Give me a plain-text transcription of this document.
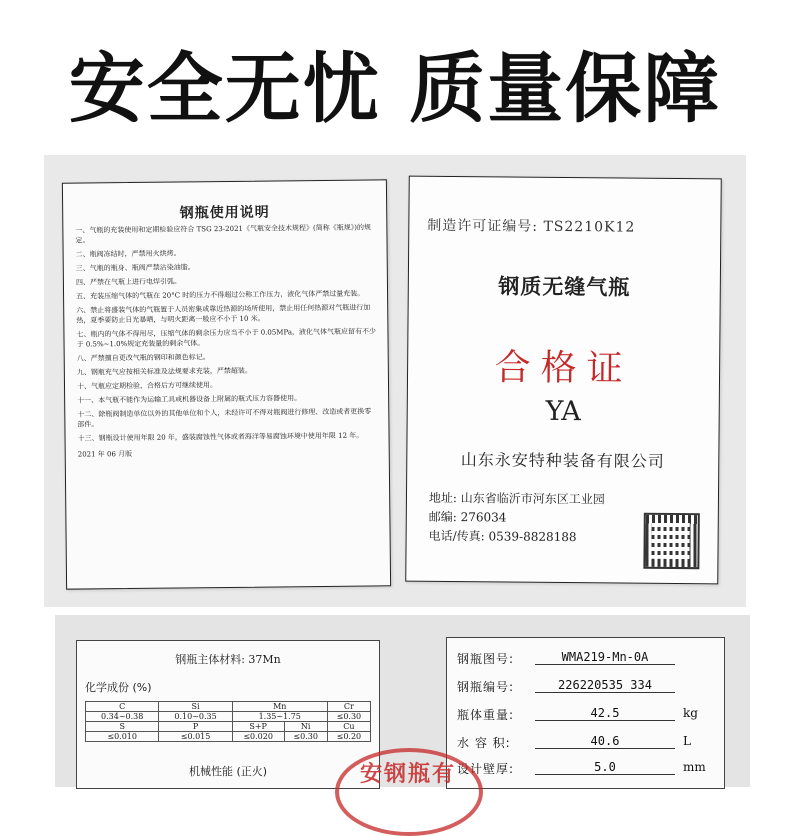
安全无忧 质量保障
钢瓶使用说明
一、气瓶的充装使用和定期检验应符合 TSG 23-2021《气瓶安全技术规程》(简称《瓶规》)的规定。
二、瓶阀冻结时，严禁用火烘烤。
三、气瓶的瓶身、瓶阀严禁沾染油脂。
四、严禁在气瓶上进行电焊引弧。
五、充装压缩气体的气瓶在 20°C 时的压力不得超过公称工作压力，液化气体严禁过量充装。
六、禁止将盛装气体的气瓶置于人员密集或靠近热源的场所使用，禁止用任何热源对气瓶进行加热，夏季要防止日光暴晒，与明火距离一般应不小于 10 米。
七、瓶内的气体不得用尽，压缩气体的剩余压力应当不小于 0.05MPa，液化气体气瓶应留有不少于 0.5%~1.0%规定充装量的剩余气体。
八、严禁擅自更改气瓶的钢印和颜色标记。
九、钢瓶充气应按相关标准及法规要求充装，严禁超装。
十、气瓶应定期检验，合格后方可继续使用。
十一、本气瓶不能作为运输工具或机器设备上附属的瓶式压力容器使用。
十二、除瓶阀制造单位以外的其他单位和个人，未经许可不得对瓶阀进行修理、改造或者更换零部件。
十三、钢瓶设计使用年限 20 年，盛装腐蚀性气体或者海洋等易腐蚀环境中使用年限 12 年。
2021 年 06 月版
制造许可证编号: TS2210K12
钢质无缝气瓶
合格证
YA
山东永安特种装备有限公司
地址: 山东省临沂市河东区工业园
邮编: 276034
电话/传真: 0539-8828188
钢瓶主体材料: 37Mn
化学成份 (%)
C	Si	Mn		Cr
0.34~0.38	0.10~0.35	1.35~1.75		≤0.30
S	P	S+P	Ni	Cu
≤0.010	≤0.015	≤0.020	≤0.30	≤0.20
机械性能 (正火)
钢瓶图号:	WMA219-Mn-0A
钢瓶编号:	226220535 334
瓶体重量:	42.5	kg
水 容 积:	40.6	L
设计壁厚:	5.0	mm
安钢瓶有
